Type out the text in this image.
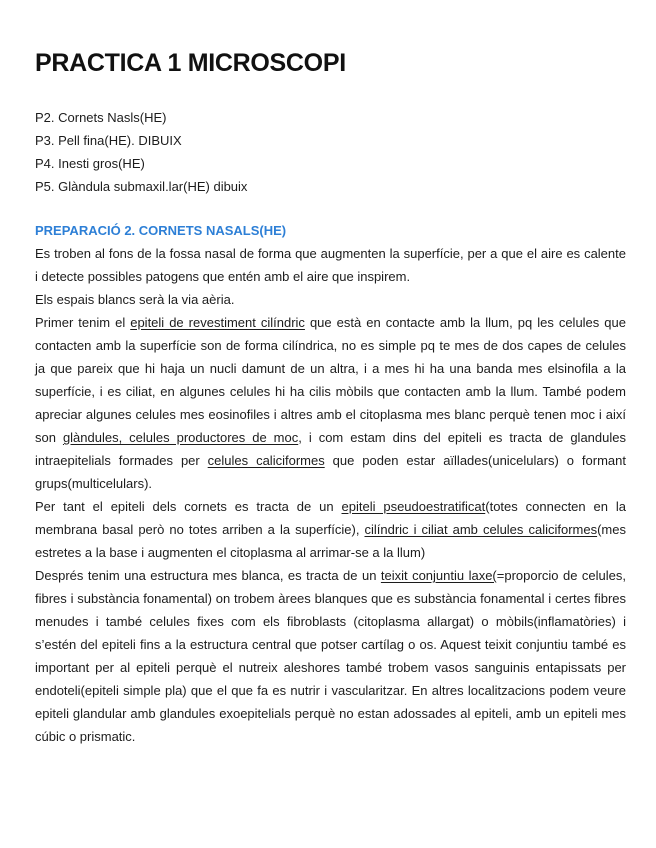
PRACTICA 1 MICROSCOPI
P2. Cornets Nasls(HE)
P3. Pell fina(HE). DIBUIX
P4. Inesti gros(HE)
P5. Glàndula submaxil.lar(HE) dibuix
PREPARACIÓ 2. CORNETS NASALS(HE)

Es troben al fons de la fossa nasal de forma que augmenten la superfície, per a que el aire es calente i detecte possibles patogens que entén amb el aire que inspirem.

Els espais blancs serà la via aèria.

Primer tenim el epiteli de revestiment cilíndric que està en contacte amb la llum, pq les celules que contacten amb la superfície son de forma cilíndrica, no es simple pq te mes de dos capes de celules ja que pareix que hi haja un nucli damunt de un altra, i a mes hi ha una banda mes elsinofila a la superfície, i es ciliat, en algunes celules hi ha cilis mòbils que contacten amb la llum. També podem apreciar algunes celules mes eosinofiles i altres amb el citoplasma mes blanc perquè tenen moc i així son glàndules, celules productores de moc, i com estam dins del epiteli es tracta de glandules intraepitelials formades per celules caliciformes que poden estar aïllades(unicelulars) o formant grups(multicelulars).

Per tant el epiteli dels cornets es tracta de un epiteli pseudoestratificat(totes connecten en la membrana basal però no totes arriben a la superfície), cilíndric i ciliat amb celules caliciformes(mes estretes a la base i augmenten el citoplasma al arrimar-se a la llum)

Després tenim una estructura mes blanca, es tracta de un teixit conjuntiu laxe(=proporcio de celules, fibres i substància fonamental) on trobem àrees blanques que es substància fonamental i certes fibres menudes i també celules fixes com els fibroblasts (citoplasma allargat) o mòbils(inflamatòries) i s’estén del epiteli fins a la estructura central que potser cartílag o os. Aquest teixit conjuntiu també es important per al epiteli perquè el nutreix aleshores també trobem vasos sanguinis entapissats per endoteli(epiteli simple pla) que el que fa es nutrir i vascularitzar. En altres localitzacions podem veure epiteli glandular amb glandules exoepitelials perquè no estan adossades al epiteli, amb un epiteli mes cúbic o prismatic.
